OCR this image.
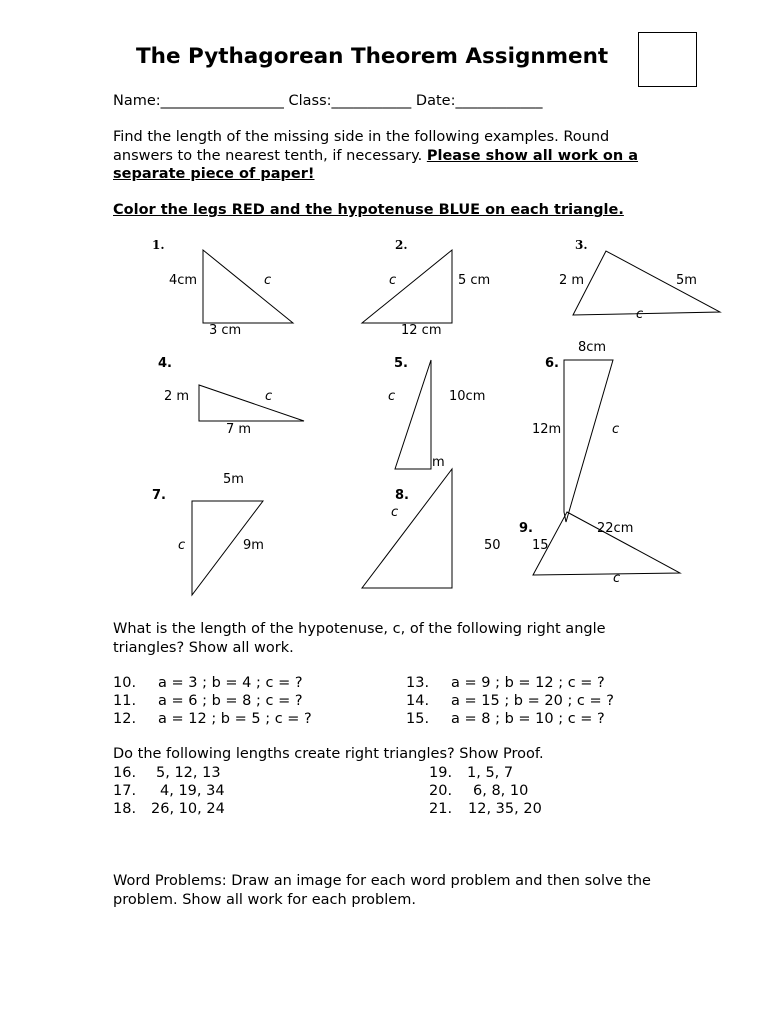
The Pythagorean Theorem Assignment
Name:_________________ Class:___________ Date:____________
Find the length of the missing side in the following examples. Round answers to the nearest tenth, if necessary. Please show all work on a separate piece of paper!
Color the legs RED and the hypotenuse BLUE on each triangle.
1.	2.	3.
4.	5.	6.
7.	8.
9.
4cm
3 cm
c	5 cm
12 cm
c	2 m	5m
c
2 m
7 m
c	10cm
m
c
8cm
12m	c
5m
9m
c	50
c
22cm
15
c
What is the length of the hypotenuse, c, of the following right angle triangles? Show all work.
10. a = 3 ; b = 4 ; c = ?
11. a = 6 ; b = 8 ; c = ?
12. a = 12 ; b = 5 ; c = ?
13. a = 9 ; b = 12 ; c = ?
14. a = 15 ; b = 20 ; c = ?
15. a = 8 ; b = 10 ; c = ?
Do the following lengths create right triangles? Show Proof.
16. 5, 12, 13
17. 4, 19, 34
18. 26, 10, 24
19. 1, 5, 7
20. 6, 8, 10
21. 12, 35, 20
Word Problems: Draw an image for each word problem and then solve the problem. Show all work for each problem.
